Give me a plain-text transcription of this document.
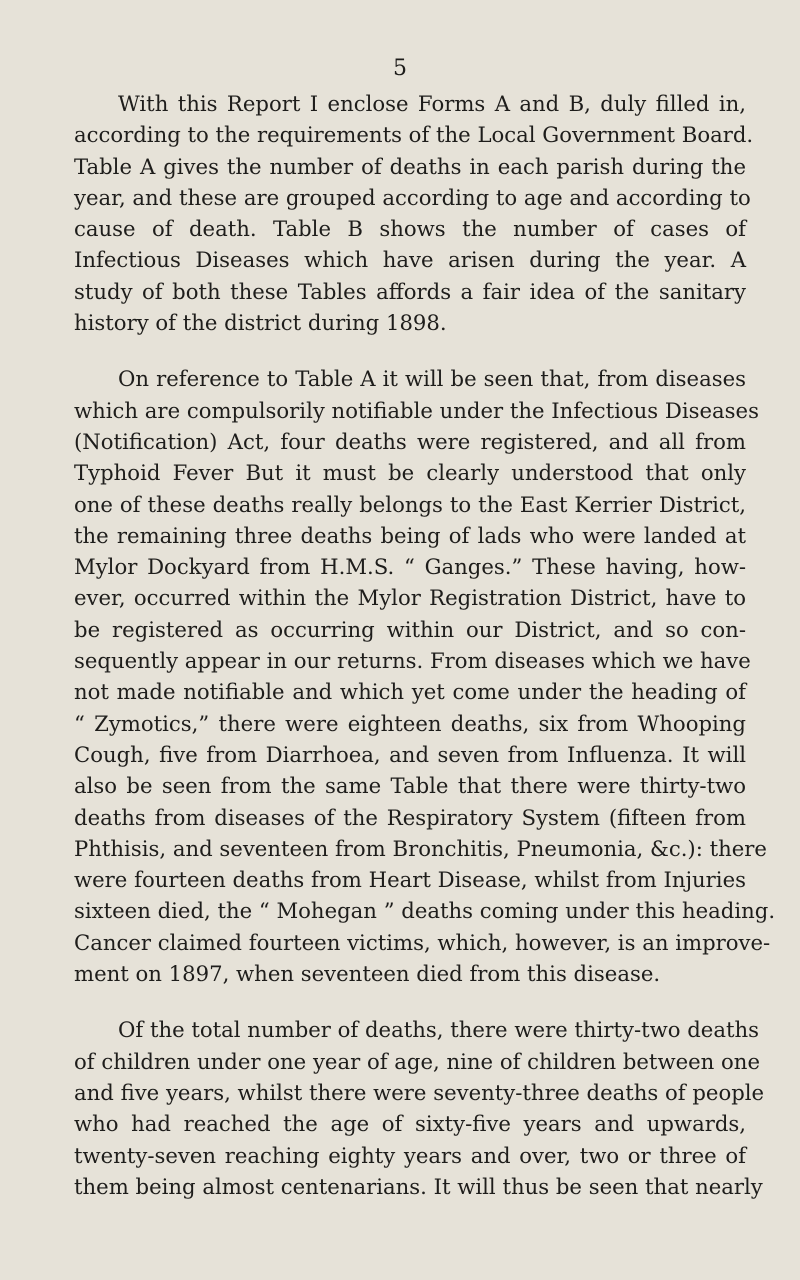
5

With this Report I enclose Forms A and B, duly filled in,
according to the requirements of the Local Government Board.
Table A gives the number of deaths in each parish during the
year, and these are grouped according to age and according to
cause of death. Table B shows the number of cases of
Infectious Diseases which have arisen during the year. A
study of both these Tables affords a fair idea of the sanitary
history of the district during 1898.

On reference to Table A it will be seen that, from diseases
which are compulsorily notifiable under the Infectious Diseases
(Notification) Act, four deaths were registered, and all from
Typhoid Fever But it must be clearly understood that only
one of these deaths really belongs to the East Kerrier District,
the remaining three deaths being of lads who were landed at
Mylor Dockyard from H.M.S. “ Ganges.” These having, how-
ever, occurred within the Mylor Registration District, have to
be registered as occurring within our District, and so con-
sequently appear in our returns. From diseases which we have
not made notifiable and which yet come under the heading of
“ Zymotics,” there were eighteen deaths, six from Whooping
Cough, five from Diarrhoea, and seven from Influenza. It will
also be seen from the same Table that there were thirty-two
deaths from diseases of the Respiratory System (fifteen from
Phthisis, and seventeen from Bronchitis, Pneumonia, &c.): there
were fourteen deaths from Heart Disease, whilst from Injuries
sixteen died, the “ Mohegan ” deaths coming under this heading.
Cancer claimed fourteen victims, which, however, is an improve-
ment on 1897, when seventeen died from this disease.

Of the total number of deaths, there were thirty-two deaths
of children under one year of age, nine of children between one
and five years, whilst there were seventy-three deaths of people
who had reached the age of sixty-five years and upwards,
twenty-seven reaching eighty years and over, two or three of
them being almost centenarians. It will thus be seen that nearly
